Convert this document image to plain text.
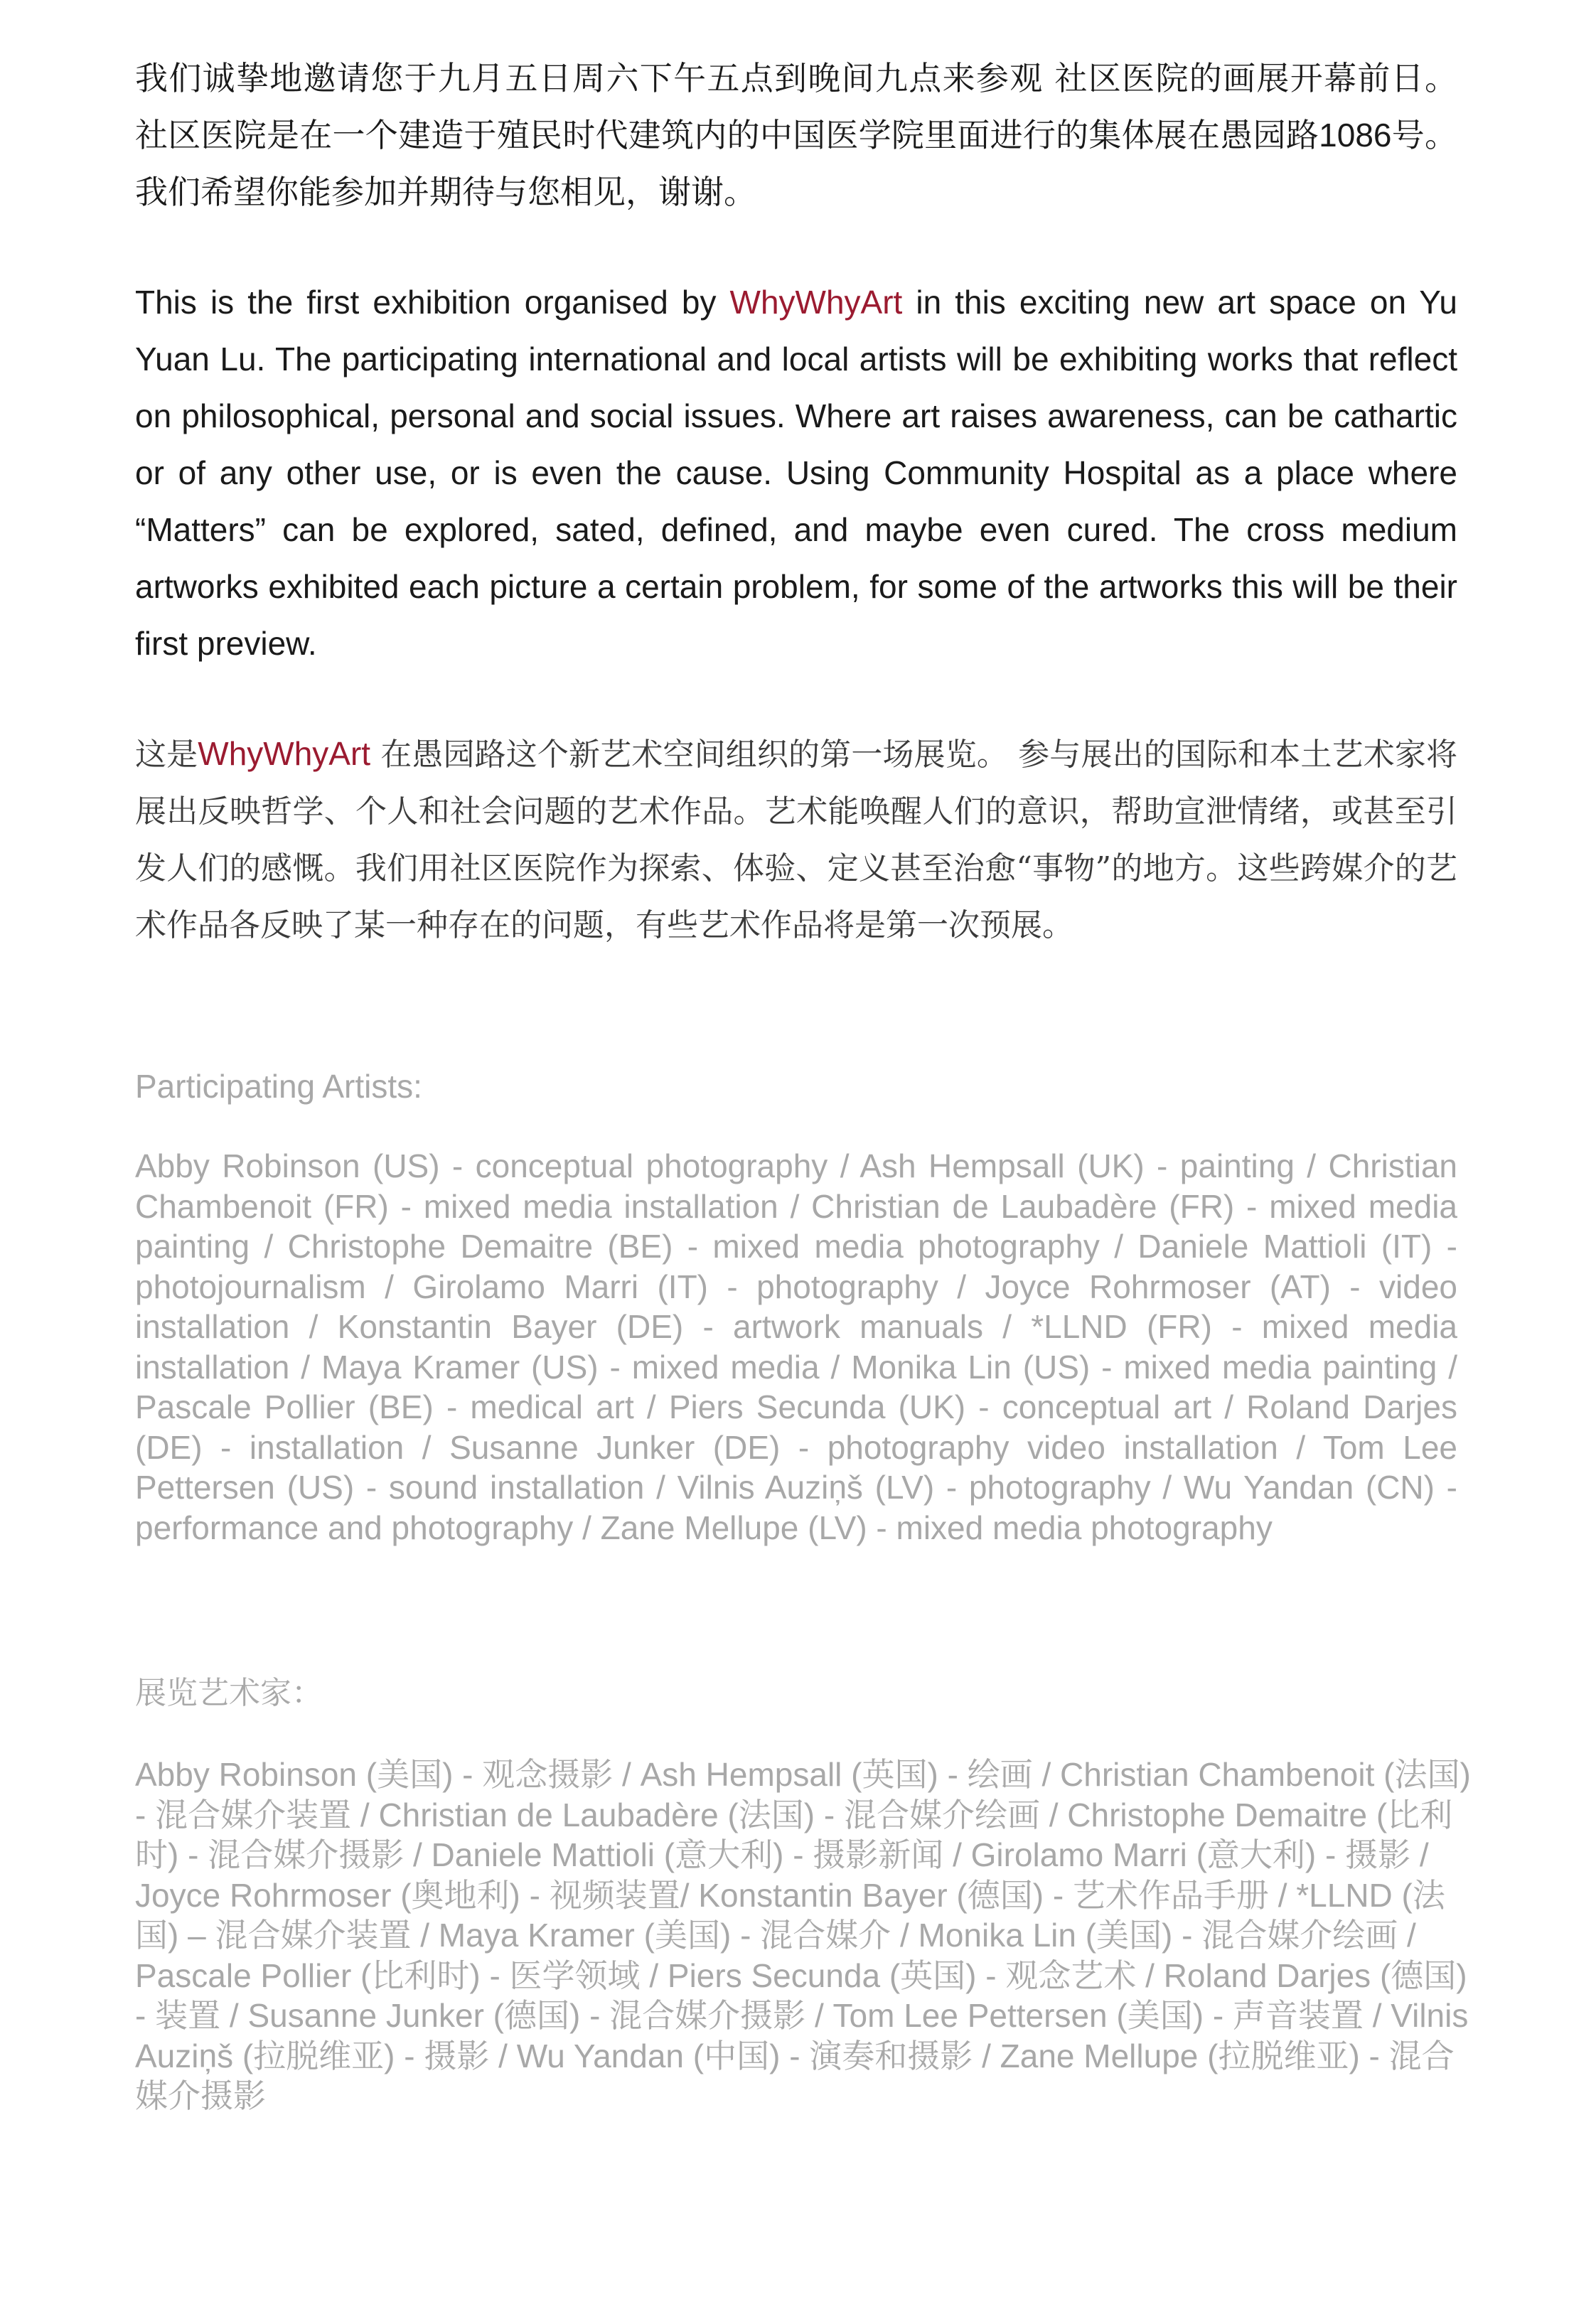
我们诚挚地邀请您于九月五日周六下午五点到晚间九点来参观 社区医院的画展开幕前日。 社区医院是在一个建造于殖民时代建筑内的中国医学院里面进行的集体展在愚园路1086号。 我们希望你能参加并期待与您相见，谢谢。

This is the first exhibition organised by WhyWhyArt in this exciting new art space on Yu Yuan Lu. The participating international and local artists will be exhibiting works that reflect on philosophical, personal and social issues. Where art raises awareness, can be cathartic or of any other use, or is even the cause. Using Community Hospital as a place where “Matters” can be explored, sated, defined, and maybe even cured. The cross medium artworks exhibited each picture a certain problem, for some of the artworks this will be their first preview.

这是WhyWhyArt 在愚园路这个新艺术空间组织的第一场展览。 参与展出的国际和本土艺术家将展出反映哲学、个人和社会问题的艺术作品。艺术能唤醒人们的意识，帮助宣泄情绪，或甚至引发人们的感慨。我们用社区医院作为探索、体验、定义甚至治愈“事物”的地方。这些跨媒介的艺术作品各反映了某一种存在的问题，有些艺术作品将是第一次预展。

Participating Artists:

Abby Robinson (US) - conceptual photography / Ash Hempsall (UK) - painting / Christian Chambenoit (FR) - mixed media installation / Christian de Laubadère (FR) - mixed media painting / Christophe Demaitre (BE) - mixed media photography / Daniele Mattioli (IT) - photojournalism / Girolamo Marri (IT) - photography / Joyce Rohrmoser (AT) - video installation / Konstantin Bayer (DE) - artwork manuals / *LLND (FR) - mixed media installation / Maya Kramer (US) - mixed media / Monika Lin (US) - mixed media painting / Pascale Pollier (BE) - medical art / Piers Secunda (UK) - conceptual art / Roland Darjes (DE) - installation / Susanne Junker (DE) - photography video installation / Tom Lee Pettersen (US) - sound installation / Vilnis Auziņš (LV) - photography / Wu Yandan (CN) - performance and photography / Zane Mellupe (LV) - mixed media photography

展览艺术家：

Abby Robinson (美国) - 观念摄影 / Ash Hempsall (英国) - 绘画 / Christian Chambenoit (法国) - 混合媒介装置 / Christian de Laubadère (法国) - 混合媒介绘画 / Christophe Demaitre (比利时) - 混合媒介摄影 / Daniele Mattioli (意大利) - 摄影新闻 / Girolamo Marri (意大利) - 摄影 / Joyce Rohrmoser (奥地利) - 视频装置/ Konstantin Bayer (德国) - 艺术作品手册 / *LLND (法国) – 混合媒介装置 / Maya Kramer (美国) - 混合媒介 / Monika Lin (美国) - 混合媒介绘画 / Pascale Pollier (比利时) - 医学领域 / Piers Secunda (英国) - 观念艺术 / Roland Darjes (德国) - 装置 / Susanne Junker (德国) - 混合媒介摄影 / Tom Lee Pettersen (美国) - 声音装置 / Vilnis Auziņš (拉脱维亚) - 摄影 / Wu Yandan (中国) - 演奏和摄影 / Zane Mellupe (拉脱维亚) - 混合媒介摄影
